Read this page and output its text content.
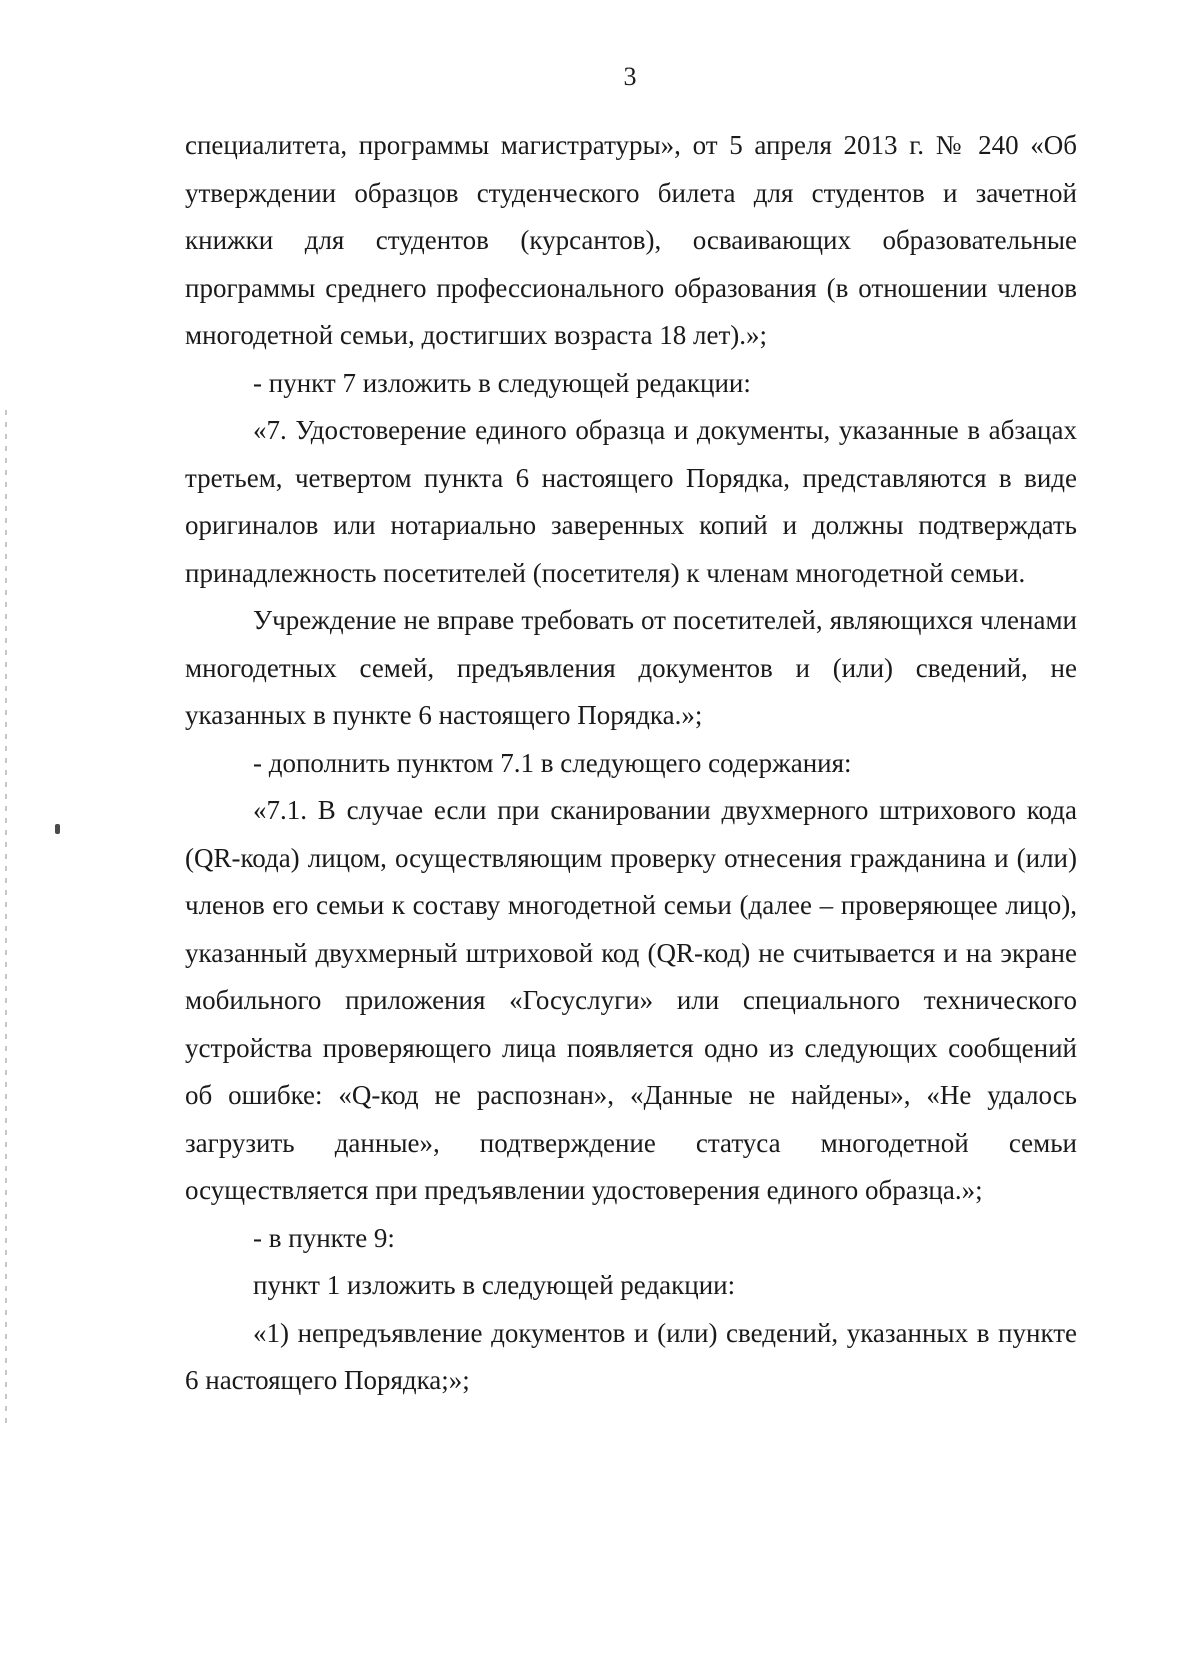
3

специалитета, программы магистратуры», от 5 апреля 2013 г. № 240 «Об утверждении образцов студенческого билета для студентов и зачетной книжки для студентов (курсантов), осваивающих образовательные программы среднего профессионального образования (в отношении членов многодетной семьи, достигших возраста 18 лет).»;

- пункт 7 изложить в следующей редакции:

«7. Удостоверение единого образца и документы, указанные в абзацах третьем, четвертом пункта 6 настоящего Порядка, представляются в виде оригиналов или нотариально заверенных копий и должны подтверждать принадлежность посетителей (посетителя) к членам многодетной семьи.

Учреждение не вправе требовать от посетителей, являющихся членами многодетных семей, предъявления документов и (или) сведений, не указанных в пункте 6 настоящего Порядка.»;

- дополнить пунктом 7.1 в следующего содержания:

«7.1. В случае если при сканировании двухмерного штрихового кода (QR-кода) лицом, осуществляющим проверку отнесения гражданина и (или) членов его семьи к составу многодетной семьи (далее – проверяющее лицо), указанный двухмерный штриховой код (QR-код) не считывается и на экране мобильного приложения «Госуслуги» или специального технического устройства проверяющего лица появляется одно из следующих сообщений об ошибке: «Q-код не распознан», «Данные не найдены», «Не удалось загрузить данные», подтверждение статуса многодетной семьи осуществляется при предъявлении удостоверения единого образца.»;

- в пункте 9:

пункт 1 изложить в следующей редакции:

«1) непредъявление документов и (или) сведений, указанных в пункте 6 настоящего Порядка;»;
